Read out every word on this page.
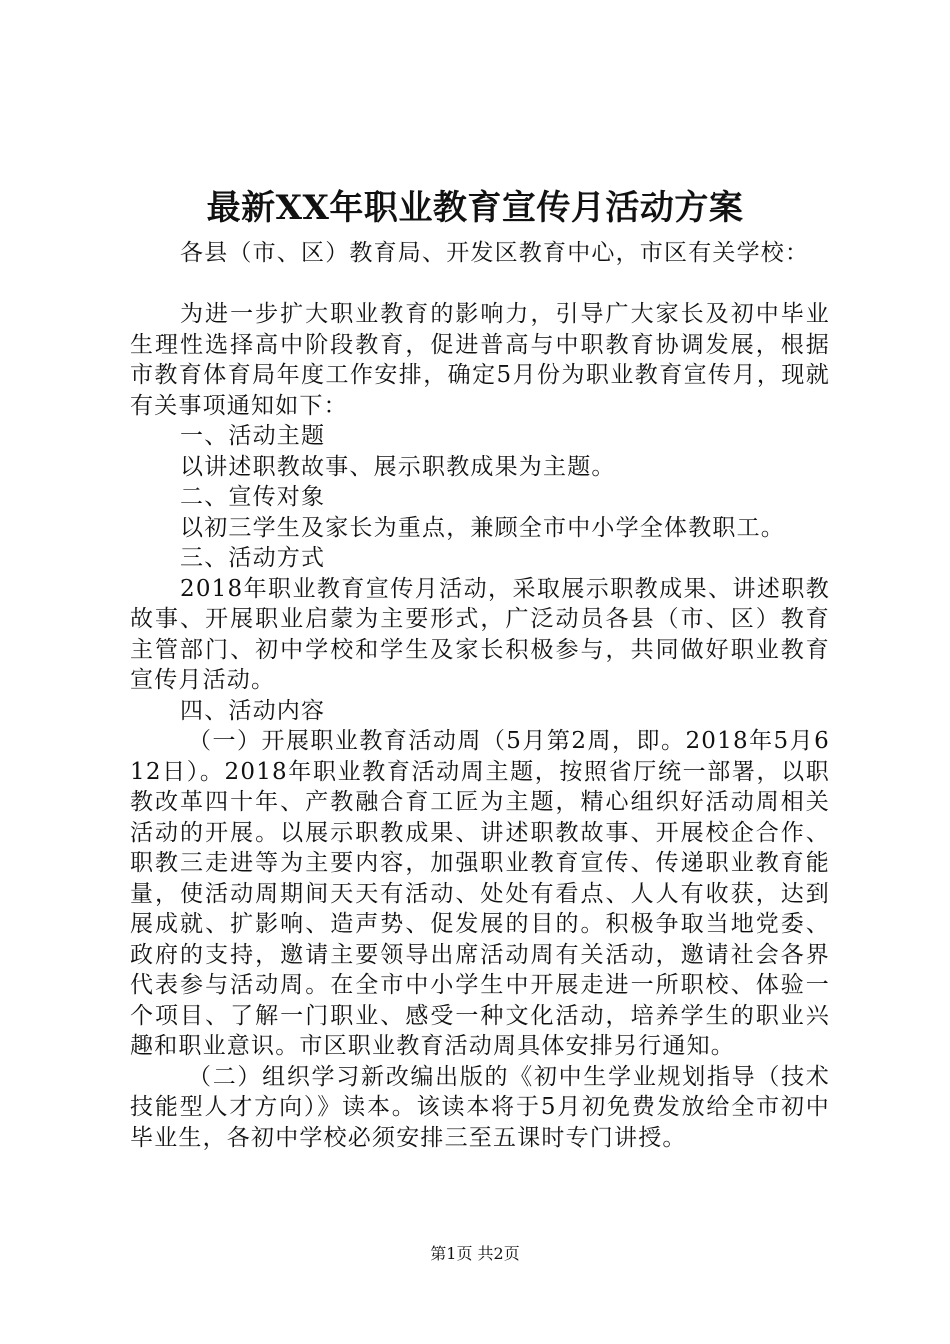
最新XX年职业教育宣传月活动方案

各县（市、区）教育局、开发区教育中心，市区有关学校：

为进一步扩大职业教育的影响力，引导广大家长及初中毕业生理性选择高中阶段教育，促进普高与中职教育协调发展，根据市教育体育局年度工作安排，确定5月份为职业教育宣传月，现就有关事项通知如下：

一、活动主题

以讲述职教故事、展示职教成果为主题。

二、宣传对象

以初三学生及家长为重点，兼顾全市中小学全体教职工。

三、活动方式

2018年职业教育宣传月活动，采取展示职教成果、讲述职教故事、开展职业启蒙为主要形式，广泛动员各县（市、区）教育主管部门、初中学校和学生及家长积极参与，共同做好职业教育宣传月活动。

四、活动内容

（一）开展职业教育活动周（5月第2周，即。2018年5月612日）。2018年职业教育活动周主题，按照省厅统一部署，以职教改革四十年、产教融合育工匠为主题，精心组织好活动周相关活动的开展。以展示职教成果、讲述职教故事、开展校企合作、职教三走进等为主要内容，加强职业教育宣传、传递职业教育能量，使活动周期间天天有活动、处处有看点、人人有收获，达到展成就、扩影响、造声势、促发展的目的。积极争取当地党委、政府的支持，邀请主要领导出席活动周有关活动，邀请社会各界代表参与活动周。在全市中小学生中开展走进一所职校、体验一个项目、了解一门职业、感受一种文化活动，培养学生的职业兴趣和职业意识。市区职业教育活动周具体安排另行通知。

（二）组织学习新改编出版的《初中生学业规划指导（技术技能型人才方向）》读本。该读本将于5月初免费发放给全市初中毕业生，各初中学校必须安排三至五课时专门讲授。

第1页 共2页
